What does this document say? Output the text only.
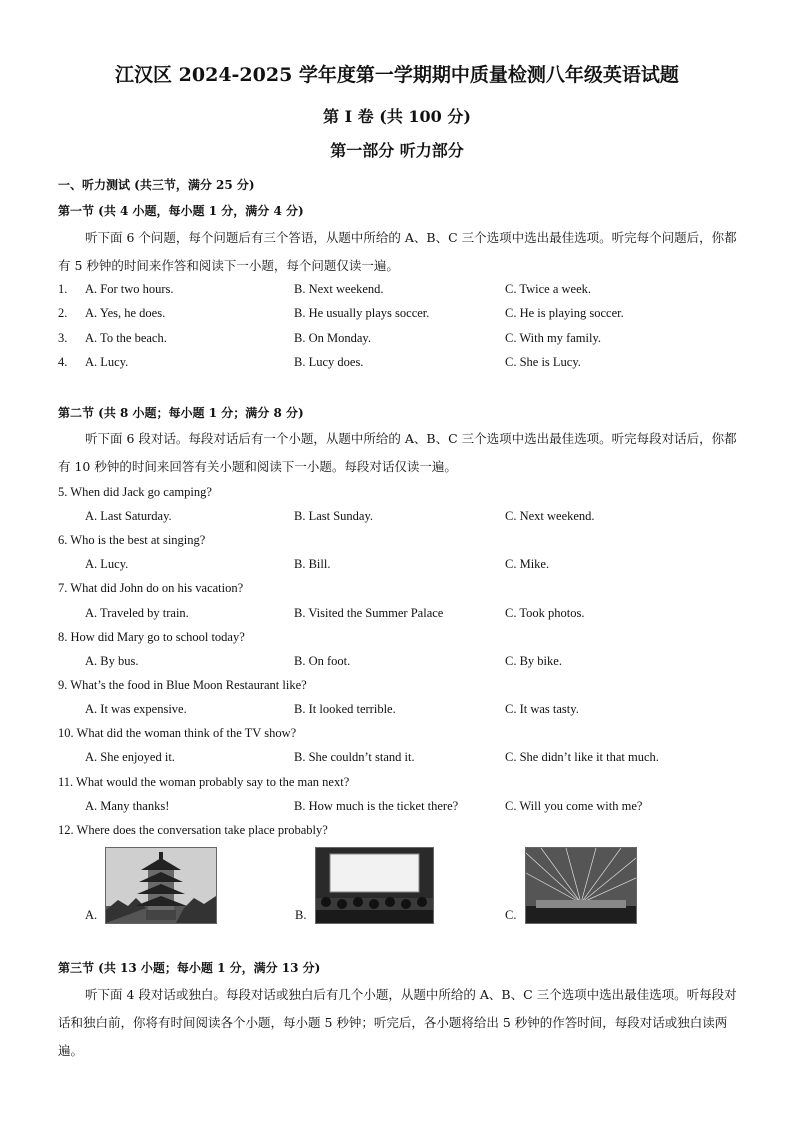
江汉区 2024-2025 学年度第一学期期中质量检测八年级英语试题
第 I 卷 (共 100 分)
第一部分 听力部分
一、听力测试 (共三节，满分 25 分)
第一节 (共 4 小题，每小题 1 分，满分 4 分)
听下面 6 个问题，每个问题后有三个答语，从题中所给的 A、B、C 三个选项中选出最佳选项。听完每个问题后，你都有 5 秒钟的时间来作答和阅读下一小题，每个问题仅读一遍。
1. A. For two hours.	B. Next weekend.	C. Twice a week.
2. A. Yes, he does.	B. He usually plays soccer.	C. He is playing soccer.
3. A. To the beach.	B. On Monday.	C. With my family.
4. A. Lucy.	B. Lucy does.	C. She is Lucy.
第二节 (共 8 小题；每小题 1 分；满分 8 分)
听下面 6 段对话。每段对话后有一个小题，从题中所给的 A、B、C 三个选项中选出最佳选项。听完每段对话后，你都有 10 秒钟的时间来回答有关小题和阅读下一小题。每段对话仅读一遍。
5. When did Jack go camping?
A. Last Saturday.	B. Last Sunday.	C. Next weekend.
6. Who is the best at singing?
A. Lucy.	B. Bill.	C. Mike.
7. What did John do on his vacation?
A. Traveled by train.	B. Visited the Summer Palace	C. Took photos.
8. How did Mary go to school today?
A. By bus.	B. On foot.	C. By bike.
9. What’s the food in Blue Moon Restaurant like?
A. It was expensive.	B. It looked terrible.	C. It was tasty.
10. What did the woman think of the TV show?
A. She enjoyed it.	B. She couldn’t stand it.	C. She didn’t like it that much.
11. What would the woman probably say to the man next?
A. Many thanks!	B. How much is the ticket there?	C. Will you come with me?
12. Where does the conversation take place probably?
A.	B.	C.
第三节 (共 13 小题；每小题 1 分，满分 13 分)
听下面 4 段对话或独白。每段对话或独白后有几个小题，从题中所给的 A、B、C 三个选项中选出最佳选项。听每段对话和独白前，你将有时间阅读各个小题，每小题 5 秒钟；听完后，各小题将给出 5 秒钟的作答时间，每段对话或独白读两遍。
